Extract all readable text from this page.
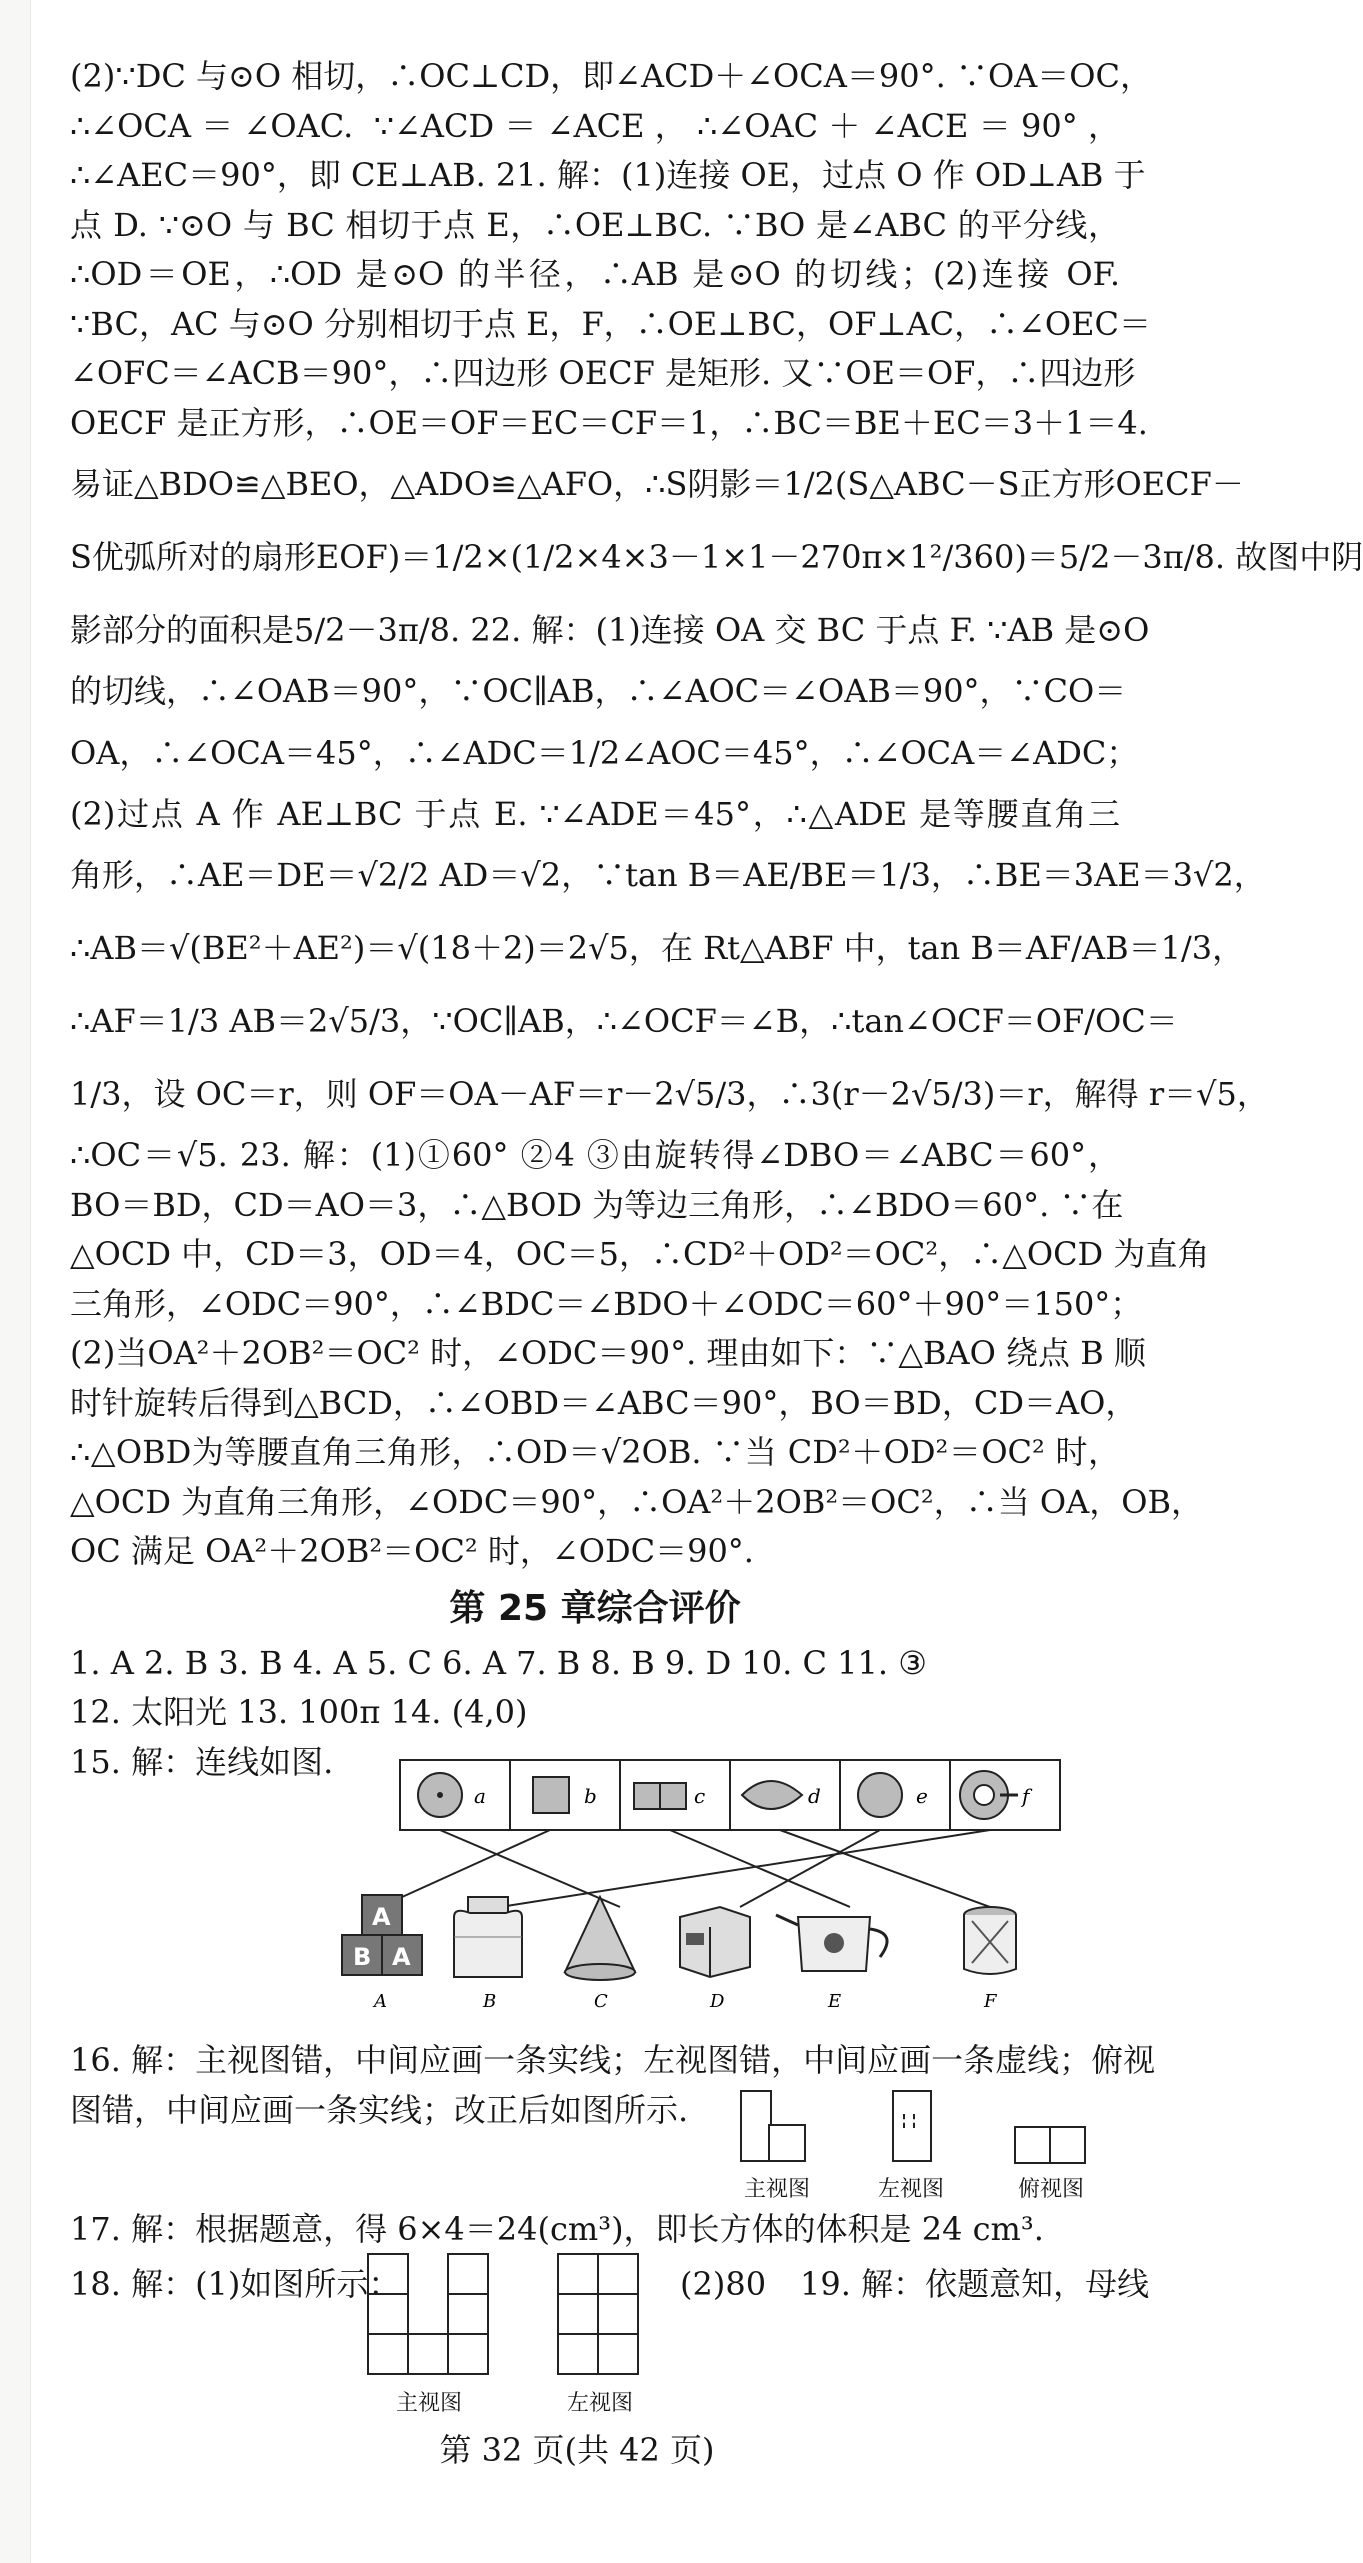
(2)∵DC 与⊙O 相切，∴OC⊥CD，即∠ACD＋∠OCA＝90°. ∵OA＝OC，
∴∠OCA＝∠OAC. ∵∠ACD＝∠ACE，∴∠OAC＋∠ACE＝90°，
∴∠AEC＝90°，即 CE⊥AB. 21. 解：(1)连接 OE，过点 O 作 OD⊥AB 于
点 D. ∵⊙O 与 BC 相切于点 E，∴OE⊥BC. ∵BO 是∠ABC 的平分线，
∴OD＝OE，∴OD 是⊙O 的半径，∴AB 是⊙O 的切线；(2)连接 OF.
∵BC，AC 与⊙O 分别相切于点 E，F，∴OE⊥BC，OF⊥AC，∴∠OEC＝
∠OFC＝∠ACB＝90°，∴四边形 OECF 是矩形. 又∵OE＝OF，∴四边形
OECF 是正方形，∴OE＝OF＝EC＝CF＝1，∴BC＝BE＋EC＝3＋1＝4.
易证△BDO≌△BEO，△ADO≌△AFO，∴S阴影＝1/2(S△ABC－S正方形OECF－
S优弧所对的扇形EOF)＝1/2×(1/2×4×3－1×1－270π×1²/360)＝5/2－3π/8. 故图中阴
影部分的面积是5/2－3π/8. 22. 解：(1)连接 OA 交 BC 于点 F. ∵AB 是⊙O
的切线，∴∠OAB＝90°，∵OC∥AB，∴∠AOC＝∠OAB＝90°，∵CO＝
OA，∴∠OCA＝45°，∴∠ADC＝1/2∠AOC＝45°，∴∠OCA＝∠ADC；
(2)过点 A 作 AE⊥BC 于点 E. ∵∠ADE＝45°，∴△ADE 是等腰直角三
角形，∴AE＝DE＝√2/2 AD＝√2，∵tan B＝AE/BE＝1/3，∴BE＝3AE＝3√2，
∴AB＝√(BE²＋AE²)＝√(18＋2)＝2√5，在 Rt△ABF 中，tan B＝AF/AB＝1/3，
∴AF＝1/3 AB＝2√5/3，∵OC∥AB，∴∠OCF＝∠B，∴tan∠OCF＝OF/OC＝
1/3，设 OC＝r，则 OF＝OA－AF＝r－2√5/3，∴3(r－2√5/3)＝r，解得 r＝√5，
∴OC＝√5. 23. 解：(1)①60° ②4 ③由旋转得∠DBO＝∠ABC＝60°，
BO＝BD，CD＝AO＝3，∴△BOD 为等边三角形，∴∠BDO＝60°. ∵在
△OCD 中，CD＝3，OD＝4，OC＝5，∴CD²＋OD²＝OC²，∴△OCD 为直角
三角形，∠ODC＝90°，∴∠BDC＝∠BDO＋∠ODC＝60°＋90°＝150°；
(2)当OA²＋2OB²＝OC² 时，∠ODC＝90°. 理由如下：∵△BAO 绕点 B 顺
时针旋转后得到△BCD，∴∠OBD＝∠ABC＝90°，BO＝BD，CD＝AO，
∴△OBD为等腰直角三角形，∴OD＝√2OB. ∵当 CD²＋OD²＝OC² 时，
△OCD 为直角三角形，∠ODC＝90°，∴OA²＋2OB²＝OC²，∴当 OA，OB，
OC 满足 OA²＋2OB²＝OC² 时，∠ODC＝90°.
第 25 章综合评价
1. A 2. B 3. B 4. A 5. C 6. A 7. B 8. B 9. D 10. C 11. ③
12. 太阳光 13. 100π 14. (4,0)
15. 解：连线如图.
a	b	c	d	e	f
A
B A
A	B	C	D	E	F
16. 解：主视图错，中间应画一条实线；左视图错，中间应画一条虚线；俯视
图错，中间应画一条实线；改正后如图所示.
主视图	左视图	俯视图
17. 解：根据题意，得 6×4＝24(cm³)，即长方体的体积是 24 cm³.
18. 解：(1)如图所示：	(2)80	19. 解：依题意知，母线
主视图	左视图
第 32 页(共 42 页)
